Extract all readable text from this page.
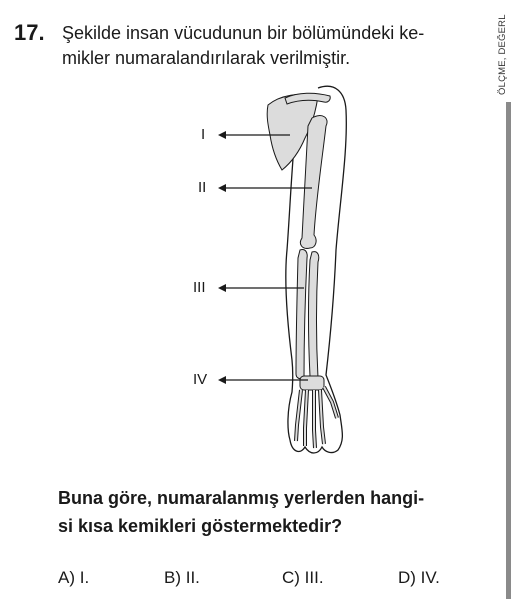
17. Şekilde insan vücudunun bir bölümündeki ke-
mikler numaralandırılarak verilmiştir.	ÖLÇME, DEĞERL
I
II
III
IV
Buna göre, numaralanmış yerlerden hangi-
si kısa kemikleri göstermektedir?
A) I.	B) II.	C) III.	D) IV.
